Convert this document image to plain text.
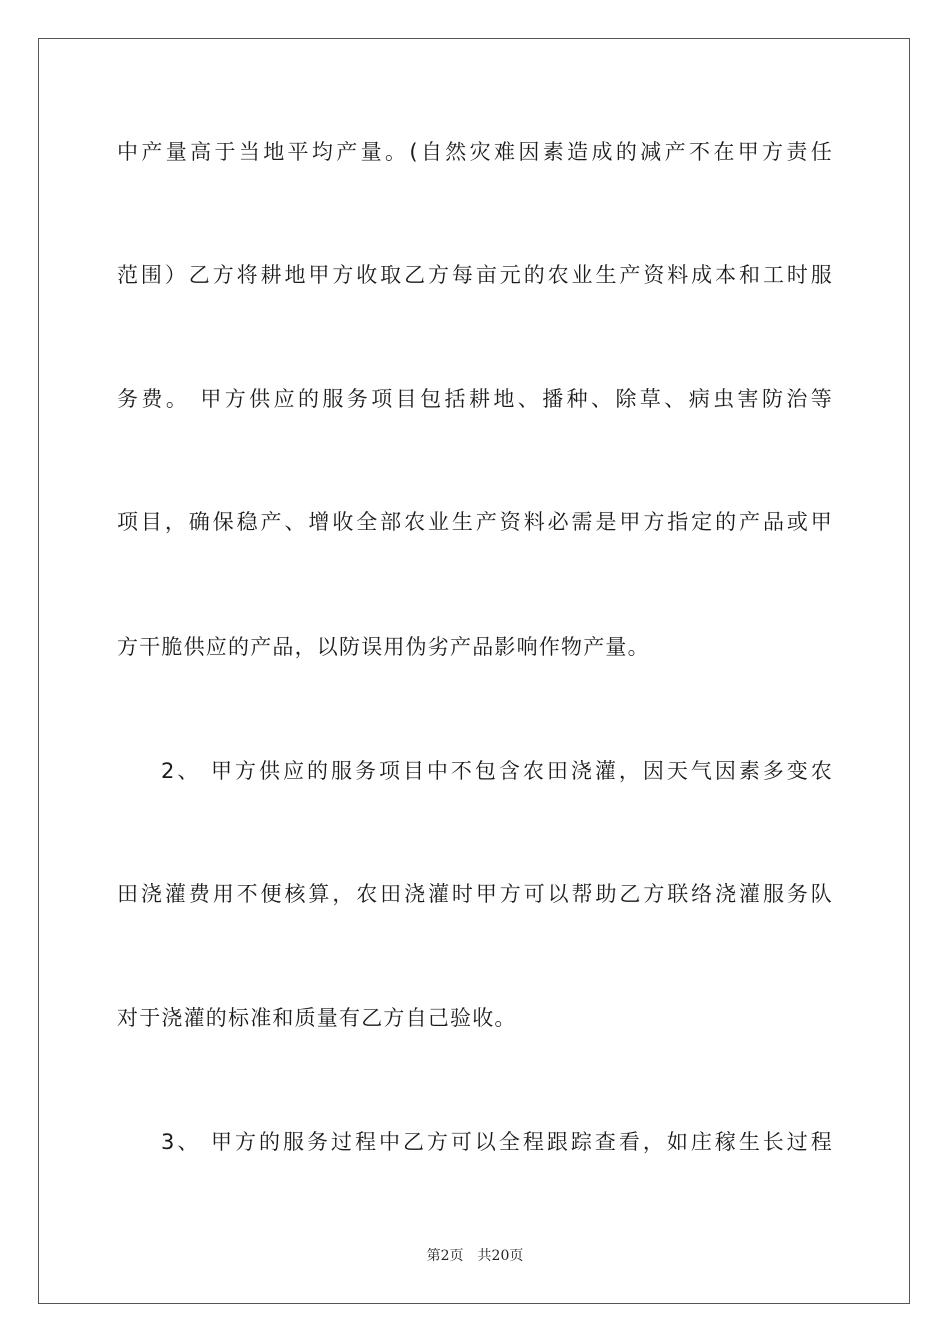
中产量高于当地平均产量。(自然灾难因素造成的减产不在甲方责任
范围）乙方将耕地甲方收取乙方每亩元的农业生产资料成本和工时服
务费。 甲方供应的服务项目包括耕地、播种、除草、病虫害防治等
项目，确保稳产、增收全部农业生产资料必需是甲方指定的产品或甲
方干脆供应的产品，以防误用伪劣产品影响作物产量。
2、 甲方供应的服务项目中不包含农田浇灌，因天气因素多变农
田浇灌费用不便核算，农田浇灌时甲方可以帮助乙方联络浇灌服务队
对于浇灌的标准和质量有乙方自己验收。
3、 甲方的服务过程中乙方可以全程跟踪查看，如庄稼生长过程
第2页 共20页
